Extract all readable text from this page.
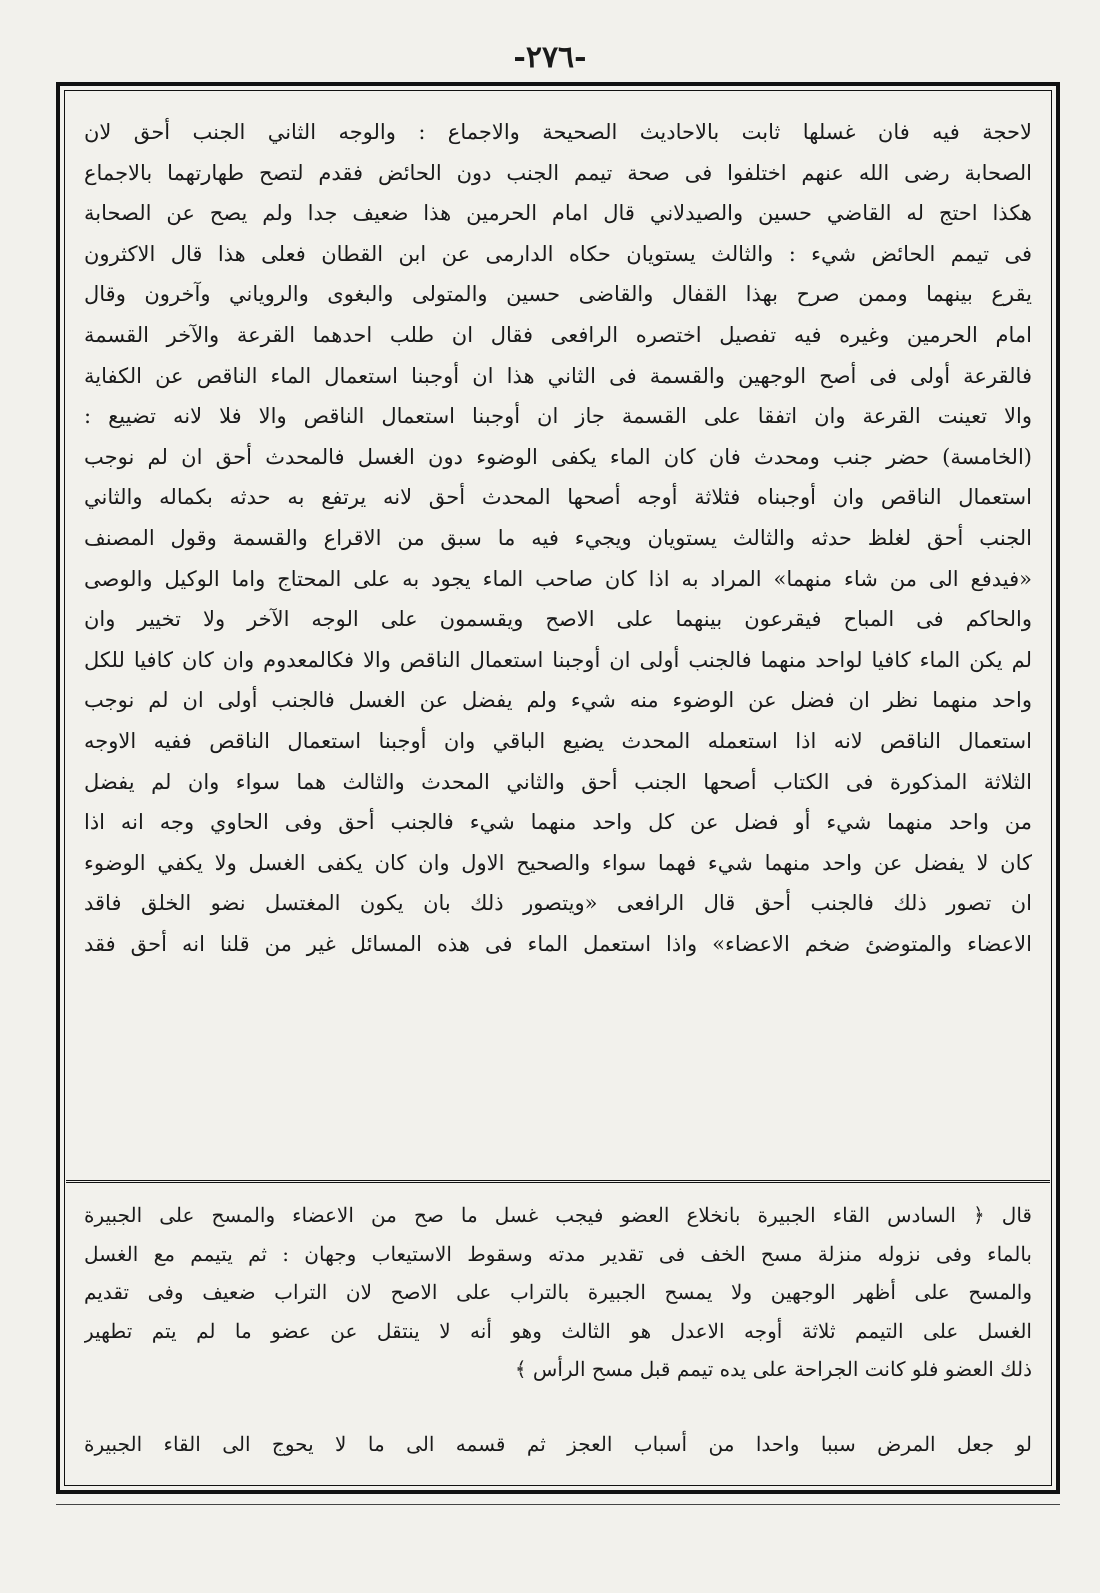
-٢٧٦-
لاحجة فيه فان غسلها ثابت بالاحاديث الصحيحة والاجماع : والوجه الثاني الجنب أحق لان
الصحابة رضى الله عنهم اختلفوا فى صحة تيمم الجنب دون الحائض فقدم لتصح طهارتهما بالاجماع
هكذا احتج له القاضي حسين والصيدلاني قال امام الحرمين هذا ضعيف جدا ولم يصح عن الصحابة
فى تيمم الحائض شيء : والثالث يستويان حكاه الدارمى عن ابن القطان فعلى هذا قال الاكثرون
يقرع بينهما وممن صرح بهذا القفال والقاضى حسين والمتولى والبغوى والروياني وآخرون وقال
امام الحرمين وغيره فيه تفصيل اختصره الرافعى فقال ان طلب احدهما القرعة والآخر القسمة
فالقرعة أولى فى أصح الوجهين والقسمة فى الثاني هذا ان أوجبنا استعمال الماء الناقص عن الكفاية
والا تعينت القرعة وان اتفقا على القسمة جاز ان أوجبنا استعمال الناقص والا فلا لانه تضييع :
(الخامسة) حضر جنب ومحدث فان كان الماء يكفى الوضوء دون الغسل فالمحدث أحق ان لم نوجب
استعمال الناقص وان أوجبناه فثلاثة أوجه أصحها المحدث أحق لانه يرتفع به حدثه بكماله والثاني
الجنب أحق لغلظ حدثه والثالث يستويان ويجيء فيه ما سبق من الاقراع والقسمة وقول المصنف
«فيدفع الى من شاء منهما» المراد به اذا كان صاحب الماء يجود به على المحتاج واما الوكيل والوصى
والحاكم فى المباح فيقرعون بينهما على الاصح ويقسمون على الوجه الآخر ولا تخيير وان
لم يكن الماء كافيا لواحد منهما فالجنب أولى ان أوجبنا استعمال الناقص والا فكالمعدوم وان كان كافيا للكل
واحد منهما نظر ان فضل عن الوضوء منه شيء ولم يفضل عن الغسل فالجنب أولى ان لم نوجب
استعمال الناقص لانه اذا استعمله المحدث يضيع الباقي وان أوجبنا استعمال الناقص ففيه الاوجه
الثلاثة المذكورة فى الكتاب أصحها الجنب أحق والثاني المحدث والثالث هما سواء وان لم يفضل
من واحد منهما شيء أو فضل عن كل واحد منهما شيء فالجنب أحق وفى الحاوي وجه انه اذا
كان لا يفضل عن واحد منهما شيء فهما سواء والصحيح الاول وان كان يكفى الغسل ولا يكفي الوضوء
ان تصور ذلك فالجنب أحق قال الرافعى «ويتصور ذلك بان يكون المغتسل نضو الخلق فاقد
الاعضاء والمتوضئ ضخم الاعضاء» واذا استعمل الماء فى هذه المسائل غير من قلنا انه أحق فقد
قال ﴿ السادس القاء الجبيرة بانخلاع العضو فيجب غسل ما صح من الاعضاء والمسح على الجبيرة
بالماء وفى نزوله منزلة مسح الخف فى تقدير مدته وسقوط الاستيعاب وجهان : ثم يتيمم مع الغسل
والمسح على أظهر الوجهين ولا يمسح الجبيرة بالتراب على الاصح لان التراب ضعيف وفى تقديم
الغسل على التيمم ثلاثة أوجه الاعدل هو الثالث وهو أنه لا ينتقل عن عضو ما لم يتم تطهير
ذلك العضو فلو كانت الجراحة على يده تيمم قبل مسح الرأس ﴾
لو جعل المرض سببا واحدا من أسباب العجز ثم قسمه الى ما لا يحوج الى القاء الجبيرة
